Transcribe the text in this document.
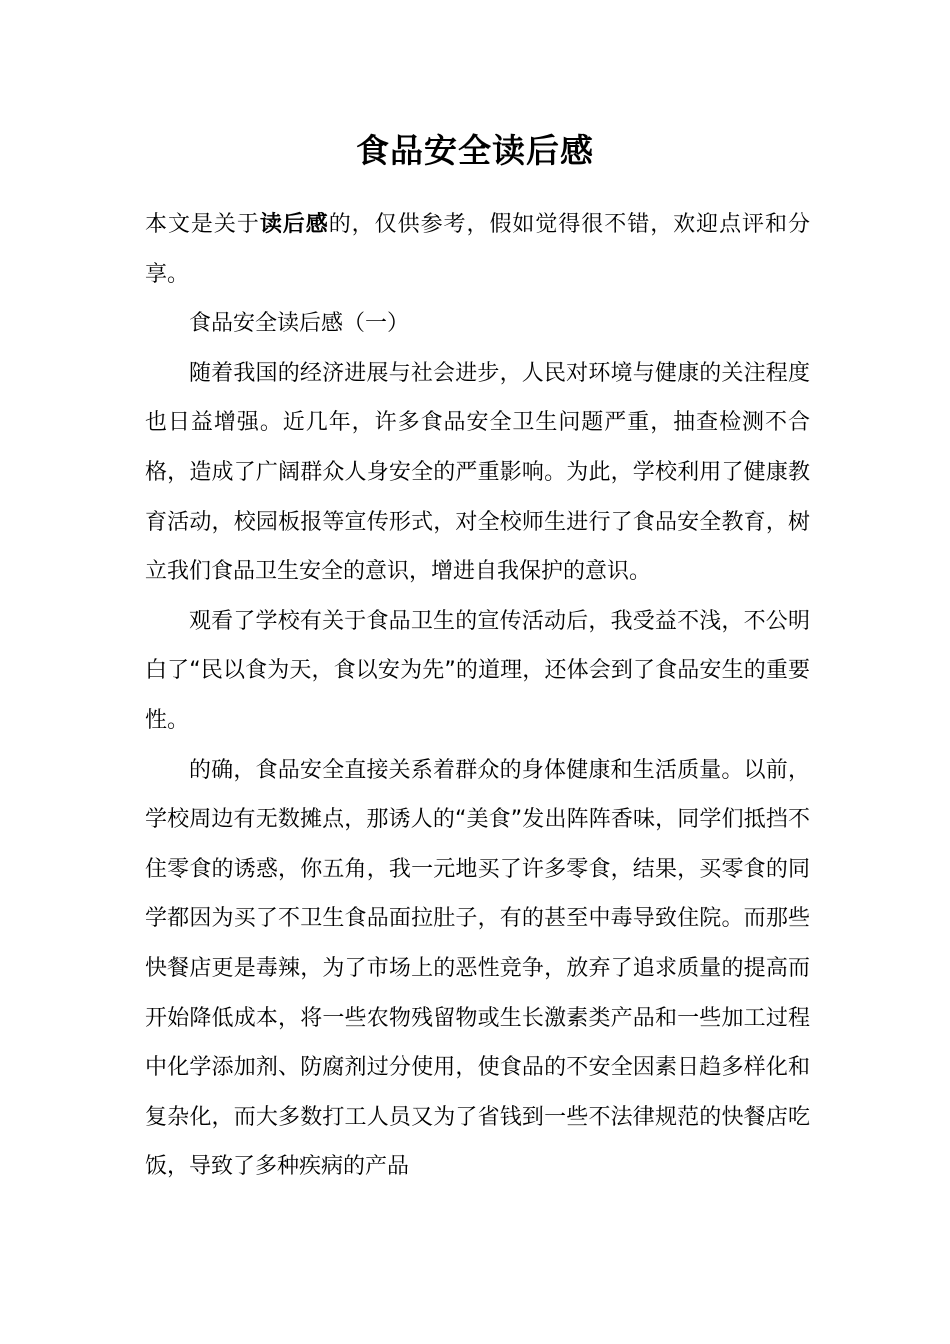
食品安全读后感

本文是关于读后感的，仅供参考，假如觉得很不错，欢迎点评和分享。

食品安全读后感（一）

随着我国的经济进展与社会进步，人民对环境与健康的关注程度也日益增强。近几年，许多食品安全卫生问题严重，抽查检测不合格，造成了广阔群众人身安全的严重影响。为此，学校利用了健康教育活动，校园板报等宣传形式，对全校师生进行了食品安全教育，树立我们食品卫生安全的意识，增进自我保护的意识。

观看了学校有关于食品卫生的宣传活动后，我受益不浅，不公明白了“民以食为天，食以安为先”的道理，还体会到了食品安生的重要性。

的确，食品安全直接关系着群众的身体健康和生活质量。以前，学校周边有无数摊点，那诱人的“美食”发出阵阵香味，同学们抵挡不住零食的诱惑，你五角，我一元地买了许多零食，结果，买零食的同学都因为买了不卫生食品面拉肚子，有的甚至中毒导致住院。而那些快餐店更是毒辣，为了市场上的恶性竞争，放弃了追求质量的提高而开始降低成本，将一些农物残留物或生长激素类产品和一些加工过程中化学添加剂、防腐剂过分使用，使食品的不安全因素日趋多样化和复杂化，而大多数打工人员又为了省钱到一些不法律规范的快餐店吃饭，导致了多种疾病的产品
